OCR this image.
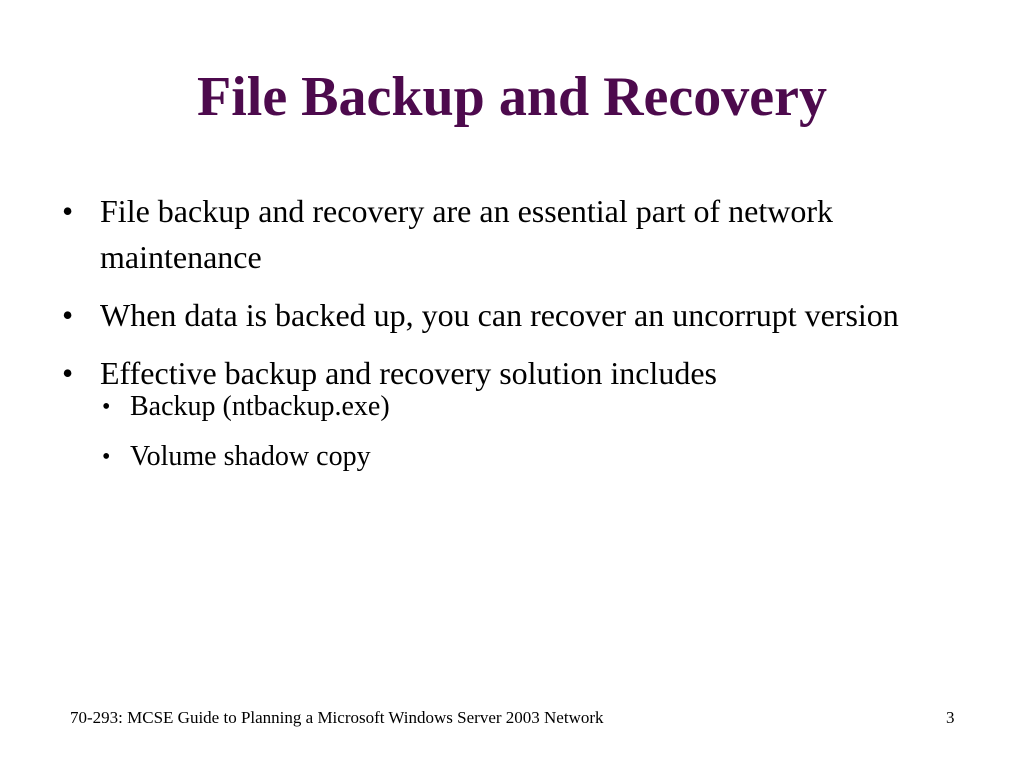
File Backup and Recovery
• File backup and recovery are an essential part of network maintenance
• When data is backed up, you can recover an uncorrupt version
• Effective backup and recovery solution includes
• Backup (ntbackup.exe)
• Volume shadow copy
70-293: MCSE Guide to Planning a Microsoft Windows Server 2003 Network	3
